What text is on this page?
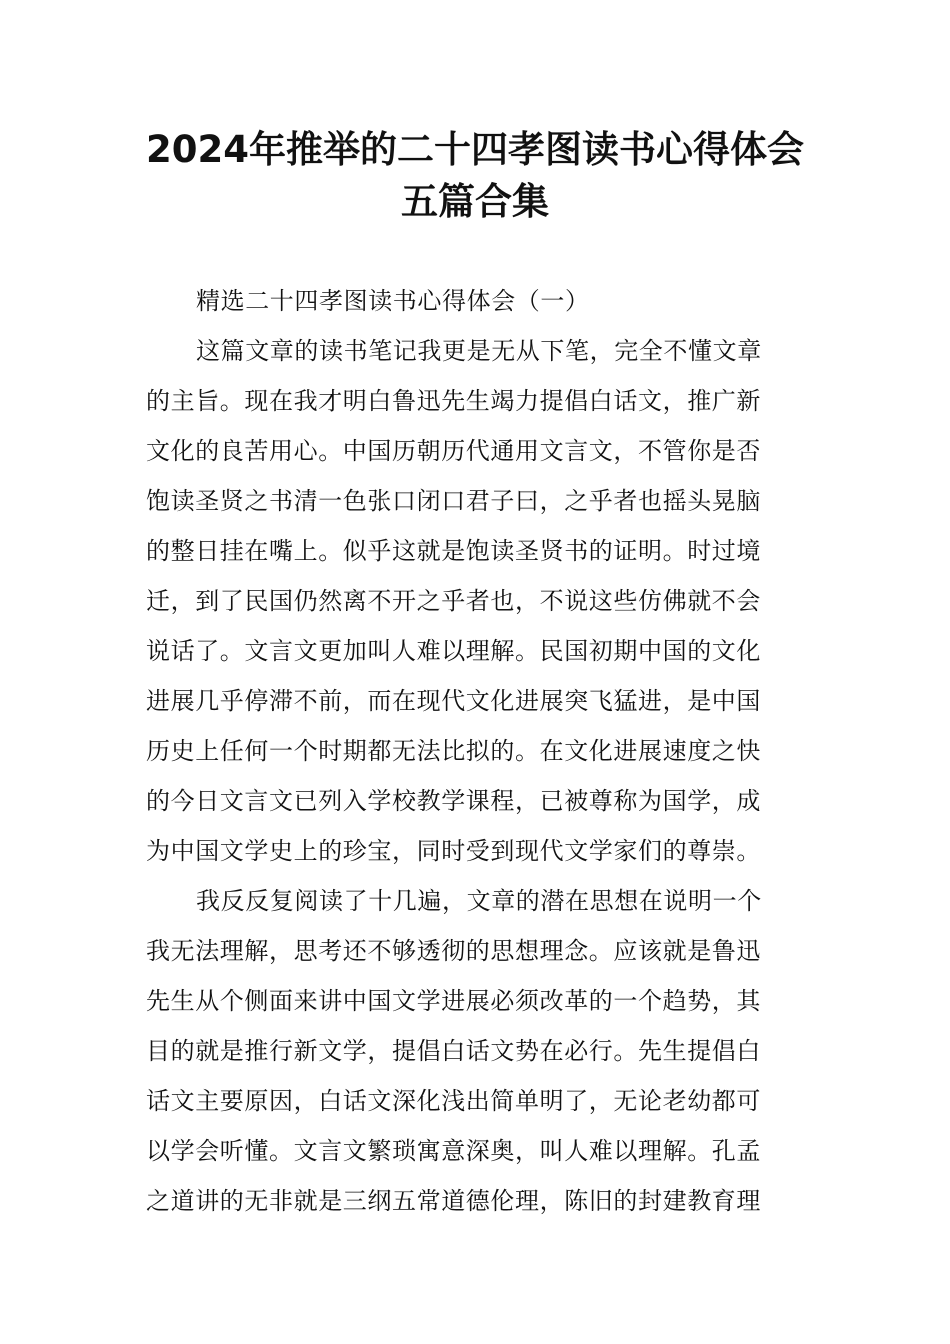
2024年推举的二十四孝图读书心得体会
五篇合集
精选二十四孝图读书心得体会（一）
这篇文章的读书笔记我更是无从下笔，完全不懂文章
的主旨。现在我才明白鲁迅先生竭力提倡白话文，推广新
文化的良苦用心。中国历朝历代通用文言文，不管你是否
饱读圣贤之书清一色张口闭口君子曰，之乎者也摇头晃脑
的整日挂在嘴上。似乎这就是饱读圣贤书的证明。时过境
迁，到了民国仍然离不开之乎者也，不说这些仿佛就不会
说话了。文言文更加叫人难以理解。民国初期中国的文化
进展几乎停滞不前，而在现代文化进展突飞猛进，是中国
历史上任何一个时期都无法比拟的。在文化进展速度之快
的今日文言文已列入学校教学课程，已被尊称为国学，成
为中国文学史上的珍宝，同时受到现代文学家们的尊崇。
我反反复阅读了十几遍，文章的潜在思想在说明一个
我无法理解，思考还不够透彻的思想理念。应该就是鲁迅
先生从个侧面来讲中国文学进展必须改革的一个趋势，其
目的就是推行新文学，提倡白话文势在必行。先生提倡白
话文主要原因，白话文深化浅出简单明了，无论老幼都可
以学会听懂。文言文繁琐寓意深奥，叫人难以理解。孔孟
之道讲的无非就是三纲五常道德伦理，陈旧的封建教育理
